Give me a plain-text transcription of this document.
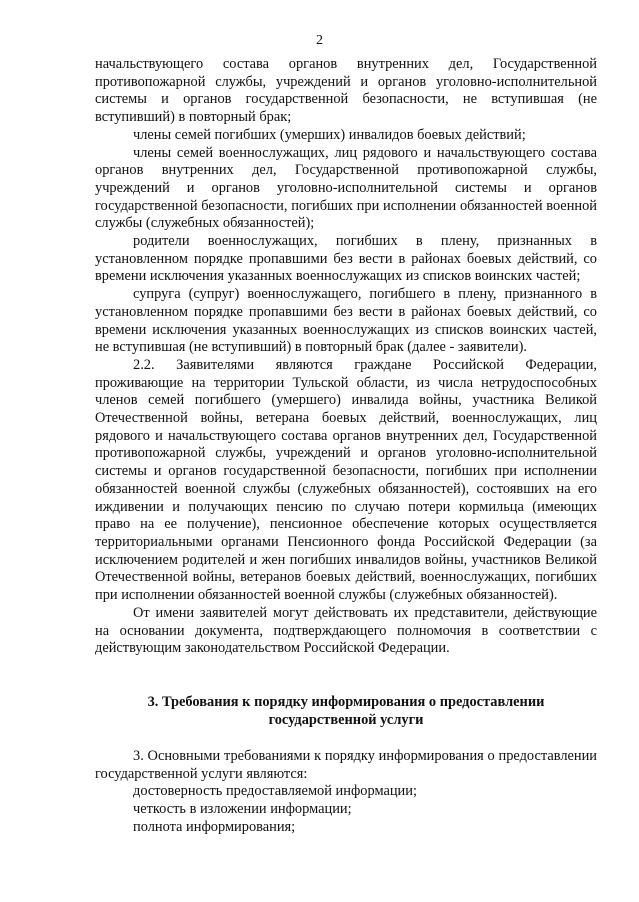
2

начальствующего состава органов внутренних дел, Государственной противопожарной службы, учреждений и органов уголовно-исполнительной системы и органов государственной безопасности, не вступившая (не вступивший) в повторный брак;

члены семей погибших (умерших) инвалидов боевых действий;

члены семей военнослужащих, лиц рядового и начальствующего состава органов внутренних дел, Государственной противопожарной службы, учреждений и органов уголовно-исполнительной системы и органов государственной безопасности, погибших при исполнении обязанностей военной службы (служебных обязанностей);

родители военнослужащих, погибших в плену, признанных в установленном порядке пропавшими без вести в районах боевых действий, со времени исключения указанных военнослужащих из списков воинских частей;

супруга (супруг) военнослужащего, погибшего в плену, признанного в установленном порядке пропавшими без вести в районах боевых действий, со времени исключения указанных военнослужащих из списков воинских частей, не вступившая (не вступивший) в повторный брак (далее - заявители).

2.2. Заявителями являются граждане Российской Федерации, проживающие на территории Тульской области, из числа нетрудоспособных членов семей погибшего (умершего) инвалида войны, участника Великой Отечественной войны, ветерана боевых действий, военнослужащих, лиц рядового и начальствующего состава органов внутренних дел, Государственной противопожарной службы, учреждений и органов уголовно-исполнительной системы и органов государственной безопасности, погибших при исполнении обязанностей военной службы (служебных обязанностей), состоявших на его иждивении и получающих пенсию по случаю потери кормильца (имеющих право на ее получение), пенсионное обеспечение которых осуществляется территориальными органами Пенсионного фонда Российской Федерации (за исключением родителей и жен погибших инвалидов войны, участников Великой Отечественной войны, ветеранов боевых действий, военнослужащих, погибших при исполнении обязанностей военной службы (служебных обязанностей).

От имени заявителей могут действовать их представители, действующие на основании документа, подтверждающего полномочия в соответствии с действующим законодательством Российской Федерации.

3. Требования к порядку информирования о предоставлении
государственной услуги

3. Основными требованиями к порядку информирования о предоставлении государственной услуги являются:

достоверность предоставляемой информации;

четкость в изложении информации;

полнота информирования;
